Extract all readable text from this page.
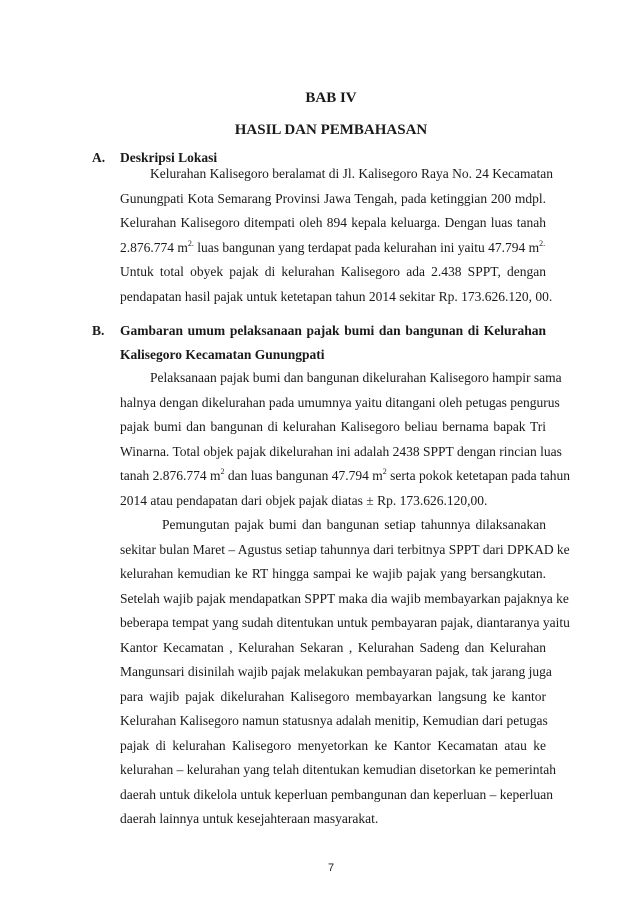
BAB IV
HASIL DAN PEMBAHASAN
A. Deskripsi Lokasi
Kelurahan Kalisegoro beralamat di Jl. Kalisegoro Raya No. 24 Kecamatan
Gunungpati Kota Semarang Provinsi Jawa Tengah, pada ketinggian 200 mdpl.
Kelurahan Kalisegoro ditempati oleh 894 kepala keluarga. Dengan luas tanah
2.876.774 $m^{2.}$ luas bangunan yang terdapat pada kelurahan ini yaitu 47.794 $m^{2.}$
Untuk total obyek pajak di kelurahan Kalisegoro ada 2.438 SPPT, dengan
pendapatan hasil pajak untuk ketetapan tahun 2014 sekitar Rp. 173.626.120, 00.
B. Gambaran umum pelaksanaan pajak bumi dan bangunan di Kelurahan
Kalisegoro Kecamatan Gunungpati
Pelaksanaan pajak bumi dan bangunan dikelurahan Kalisegoro hampir sama
halnya dengan dikelurahan pada umumnya yaitu ditangani oleh petugas pengurus
pajak bumi dan bangunan di kelurahan Kalisegoro beliau bernama bapak Tri
Winarna. Total objek pajak dikelurahan ini adalah 2438 SPPT dengan rincian luas
tanah 2.876.774 $m^2$ dan luas bangunan 47.794 $m^2$ serta pokok ketetapan pada tahun
2014 atau pendapatan dari objek pajak diatas ± Rp. 173.626.120,00.
Pemungutan pajak bumi dan bangunan setiap tahunnya dilaksanakan
sekitar bulan Maret – Agustus setiap tahunnya dari terbitnya SPPT dari DPKAD ke
kelurahan kemudian ke RT hingga sampai ke wajib pajak yang bersangkutan.
Setelah wajib pajak mendapatkan SPPT maka dia wajib membayarkan pajaknya ke
beberapa tempat yang sudah ditentukan untuk pembayaran pajak, diantaranya yaitu
Kantor Kecamatan , Kelurahan Sekaran , Kelurahan Sadeng dan Kelurahan
Mangunsari disinilah wajib pajak melakukan pembayaran pajak, tak jarang juga
para wajib pajak dikelurahan Kalisegoro membayarkan langsung ke kantor
Kelurahan Kalisegoro namun statusnya adalah menitip, Kemudian dari petugas
pajak di kelurahan Kalisegoro menyetorkan ke Kantor Kecamatan atau ke
kelurahan – kelurahan yang telah ditentukan kemudian disetorkan ke pemerintah
daerah untuk dikelola untuk keperluan pembangunan dan keperluan – keperluan
daerah lainnya untuk kesejahteraan masyarakat.
7
